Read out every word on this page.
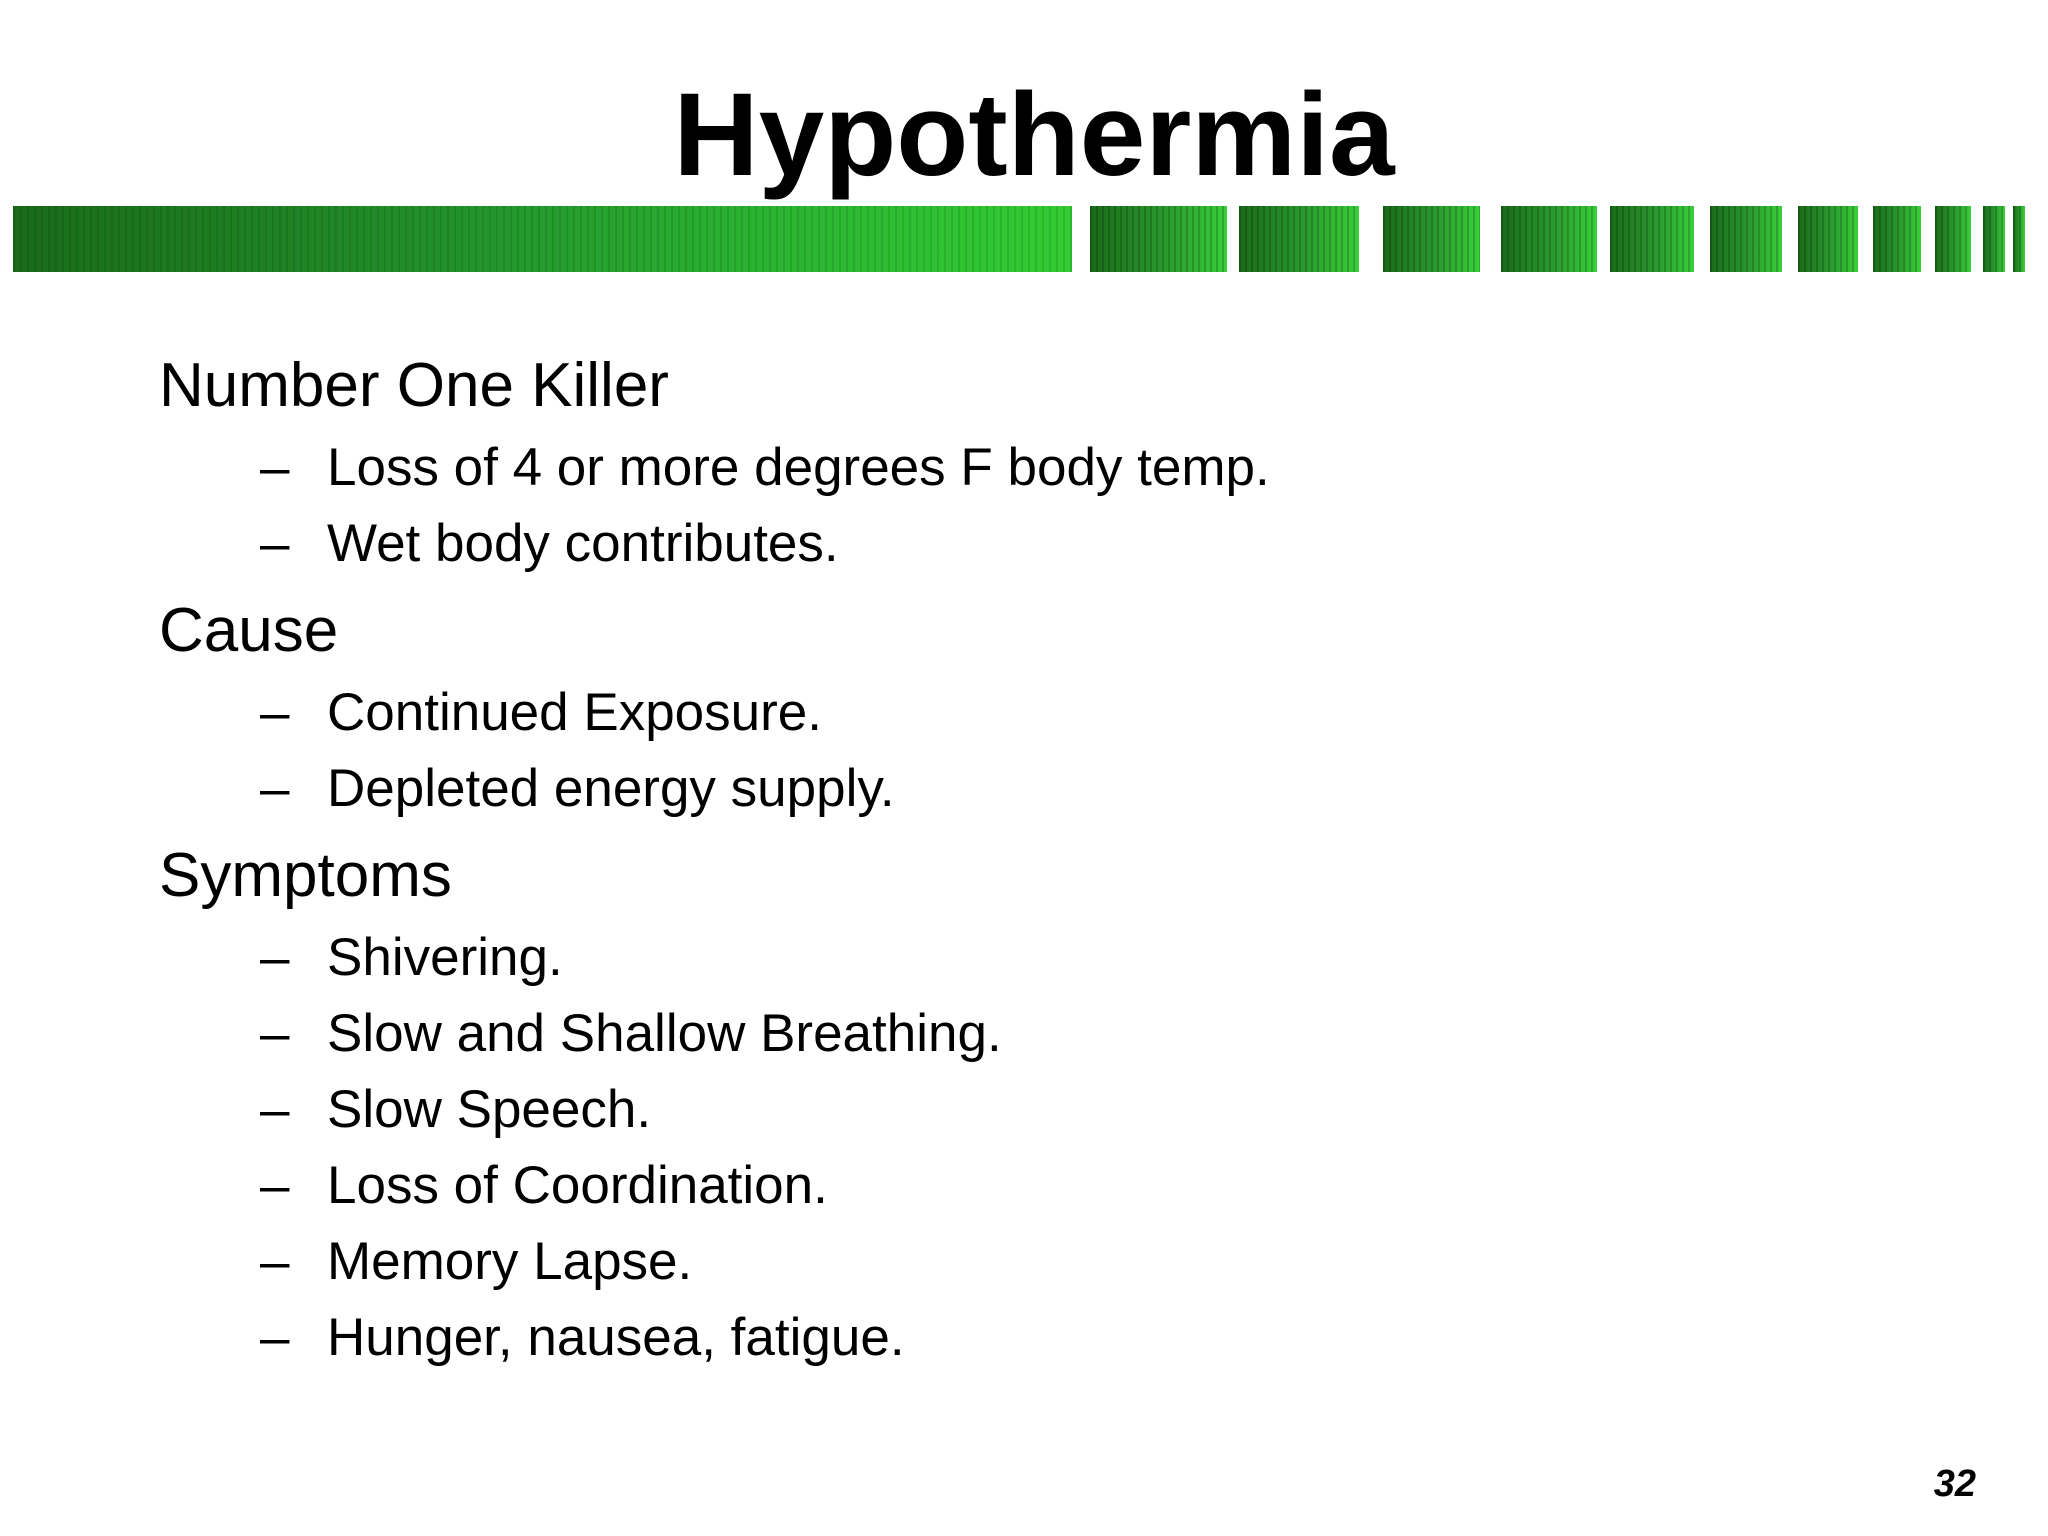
Hypothermia
Number One Killer
– Loss of 4 or more degrees F body temp.
– Wet body contributes.
Cause
– Continued Exposure.
– Depleted energy supply.
Symptoms
– Shivering.
– Slow and Shallow Breathing.
– Slow Speech.
– Loss of Coordination.
– Memory Lapse.
– Hunger, nausea, fatigue.
32
